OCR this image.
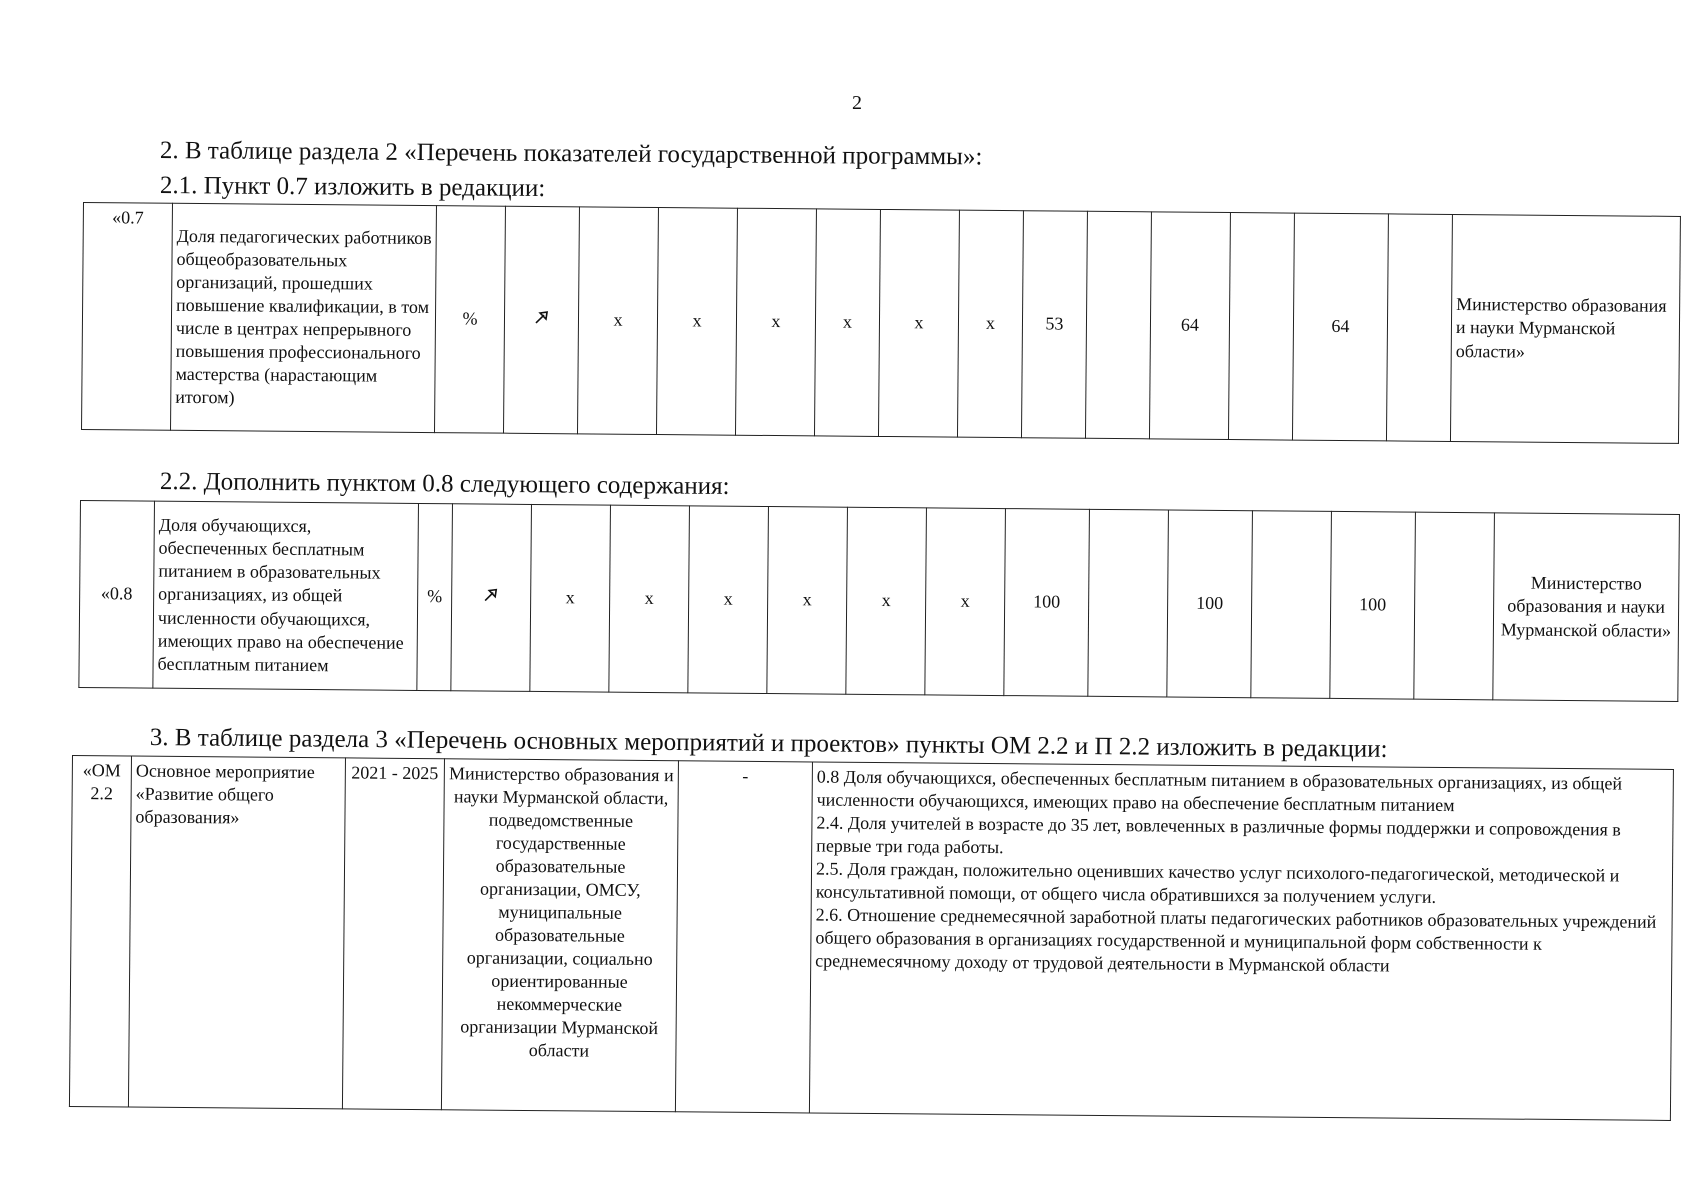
2
2. В таблице раздела 2 «Перечень показателей государственной программы»:
2.1. Пункт 0.7 изложить в редакции:
«0.7	Доля педагогических работников общеобразовательных организаций, прошедших повышение квалификации, в том числе в центрах непрерывного повышения профессионального мастерства (нарастающим итогом)	%		x	x	x	x	x	x	53		64		64		Министерство образования и науки Мурманской области»
2.2. Дополнить пунктом 0.8 следующего содержания:
«0.8	Доля обучающихся, обеспеченных бесплатным питанием в образовательных организациях, из общей численности обучающихся, имеющих право на обеспечение бесплатным питанием	%		x	x	x	x	x	x	100		100		100		Министерство образования и науки Мурманской области»
3. В таблице раздела 3 «Перечень основных мероприятий и проектов» пункты ОМ 2.2 и П 2.2 изложить в редакции:
«ОМ 2.2	Основное мероприятие «Развитие общего образования»	2021 - 2025	Министерство образования и науки Мурманской области, подведомственные государственные образовательные организации, ОМСУ, муниципальные образовательные организации, социально ориентированные некоммерческие организации Мурманской области	-	0.8 Доля обучающихся, обеспеченных бесплатным питанием в образовательных организациях, из общей численности обучающихся, имеющих право на обеспечение бесплатным питанием
2.4. Доля учителей в возрасте до 35 лет, вовлеченных в различные формы поддержки и сопровождения в первые три года работы.
2.5. Доля граждан, положительно оценивших качество услуг психолого-педагогической, методической и консультативной помощи, от общего числа обратившихся за получением услуги.
2.6. Отношение среднемесячной заработной платы педагогических работников образовательных учреждений общего образования в организациях государственной и муниципальной форм собственности к среднемесячному доходу от трудовой деятельности в Мурманской области
